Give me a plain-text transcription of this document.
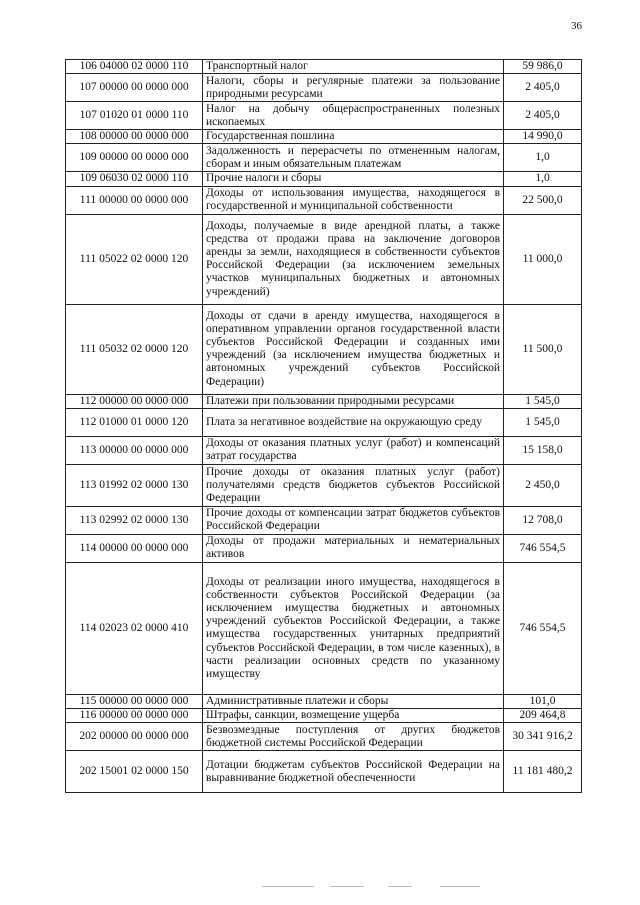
36
106 04000 02 0000 110	Транспортный налог	59 986,0
107 00000 00 0000 000	Налоги, сборы и регулярные платежи за пользование природными ресурсами	2 405,0
107 01020 01 0000 110	Налог на добычу общераспространенных полезных ископаемых	2 405,0
108 00000 00 0000 000	Государственная пошлина	14 990,0
109 00000 00 0000 000	Задолженность и перерасчеты по отмененным налогам, сборам и иным обязательным платежам	1,0
109 06030 02 0000 110	Прочие налоги и сборы	1,0
111 00000 00 0000 000	Доходы от использования имущества, находящегося в государственной и муниципальной собственности	22 500,0
111 05022 02 0000 120	Доходы, получаемые в виде арендной платы, а также средства от продажи права на заключение договоров аренды за земли, находящиеся в собственности субъектов Российской Федерации (за исключением земельных участков муниципальных бюджетных и автономных учреждений)	11 000,0
111 05032 02 0000 120	Доходы от сдачи в аренду имущества, находящегося в оперативном управлении органов государственной власти субъектов Российской Федерации и созданных ими учреждений (за исключением имущества бюджетных и автономных учреждений субъектов Российской Федерации)	11 500,0
112 00000 00 0000 000	Платежи при пользовании природными ресурсами	1 545,0
112 01000 01 0000 120	Плата за негативное воздействие на окружающую среду	1 545,0
113 00000 00 0000 000	Доходы от оказания платных услуг (работ) и компенсаций затрат государства	15 158,0
113 01992 02 0000 130	Прочие доходы от оказания платных услуг (работ) получателями средств бюджетов субъектов Российской Федерации	2 450,0
113 02992 02 0000 130	Прочие доходы от компенсации затрат бюджетов субъектов Российской Федерации	12 708,0
114 00000 00 0000 000	Доходы от продажи материальных и нематериальных активов	746 554,5
114 02023 02 0000 410	Доходы от реализации иного имущества, находящегося в собственности субъектов Российской Федерации (за исключением имущества бюджетных и автономных учреждений субъектов Российской Федерации, а также имущества государственных унитарных предприятий субъектов Российской Федерации, в том числе казенных), в части реализации основных средств по указанному имуществу	746 554,5
115 00000 00 0000 000	Административные платежи и сборы	101,0
116 00000 00 0000 000	Штрафы, санкции, возмещение ущерба	209 464,8
202 00000 00 0000 000	Безвозмездные поступления от других бюджетов бюджетной системы Российской Федерации	30 341 916,2
202 15001 02 0000 150	Дотации бюджетам субъектов Российской Федерации на выравнивание бюджетной обеспеченности	11 181 480,2
